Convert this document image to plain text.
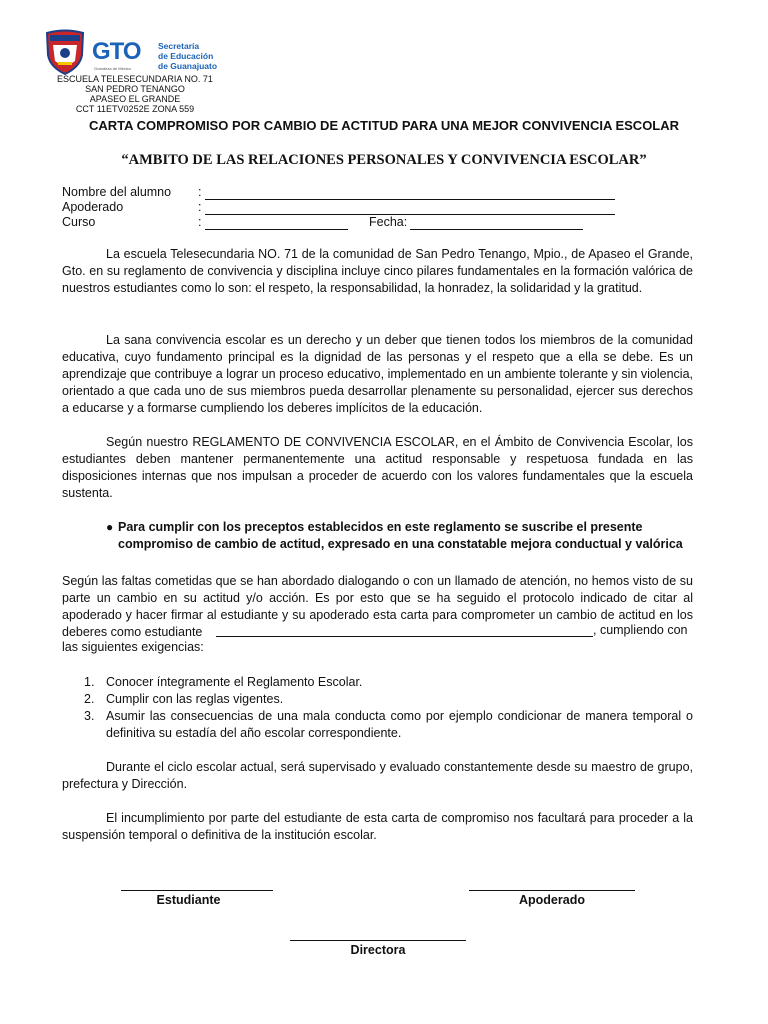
GTO
Grandeza de México
Secretaría
de Educación
de Guanajuato
ESCUELA TELESECUNDARIA NO. 71
SAN PEDRO TENANGO
APASEO EL GRANDE
CCT 11ETV0252E ZONA 559
CARTA COMPROMISO POR CAMBIO DE ACTITUD PARA UNA MEJOR CONVIVENCIA ESCOLAR
“AMBITO DE LAS RELACIONES PERSONALES Y CONVIVENCIA ESCOLAR”
Nombre del alumno :
Apoderado	:
Curso	:	Fecha:
La escuela Telesecundaria NO. 71 de la comunidad de San Pedro Tenango, Mpio., de Apaseo el Grande, Gto. en su reglamento de convivencia y disciplina incluye cinco pilares fundamentales en la formación valórica de nuestros estudiantes como lo son: el respeto, la responsabilidad, la honradez, la solidaridad y la gratitud.
La sana convivencia escolar es un derecho y un deber que tienen todos los miembros de la comunidad educativa, cuyo fundamento principal es la dignidad de las personas y el respeto que a ella se debe. Es un aprendizaje que contribuye a lograr un proceso educativo, implementado en un ambiente tolerante y sin violencia, orientado a que cada uno de sus miembros pueda desarrollar plenamente su personalidad, ejercer sus derechos a educarse y a formarse cumpliendo los deberes implícitos de la educación.
Según nuestro REGLAMENTO DE CONVIVENCIA ESCOLAR, en el Ámbito de Convivencia Escolar, los estudiantes deben mantener permanentemente una actitud responsable y respetuosa fundada en las disposiciones internas que nos impulsan a proceder de acuerdo con los valores fundamentales que la escuela sustenta.
● Para cumplir con los preceptos establecidos en este reglamento se suscribe el presente compromiso de cambio de actitud, expresado en una constatable mejora conductual y valórica
Según las faltas cometidas que se han abordado dialogando o con un llamado de atención, no hemos visto de su parte un cambio en su actitud y/o acción. Es por esto que se ha seguido el protocolo indicado de citar al apoderado y hacer firmar al estudiante y su apoderado esta carta para comprometer un cambio de actitud en los deberes como estudiante	, cumpliendo con
las siguientes exigencias:
1. Conocer íntegramente el Reglamento Escolar.
2. Cumplir con las reglas vigentes.
3. Asumir las consecuencias de una mala conducta como por ejemplo condicionar de manera temporal o definitiva su estadía del año escolar correspondiente.
Durante el ciclo escolar actual, será supervisado y evaluado constantemente desde su maestro de grupo, prefectura y Dirección.
El incumplimiento por parte del estudiante de esta carta de compromiso nos facultará para proceder a la suspensión temporal o definitiva de la institución escolar.
Estudiante	Apoderado
Directora
